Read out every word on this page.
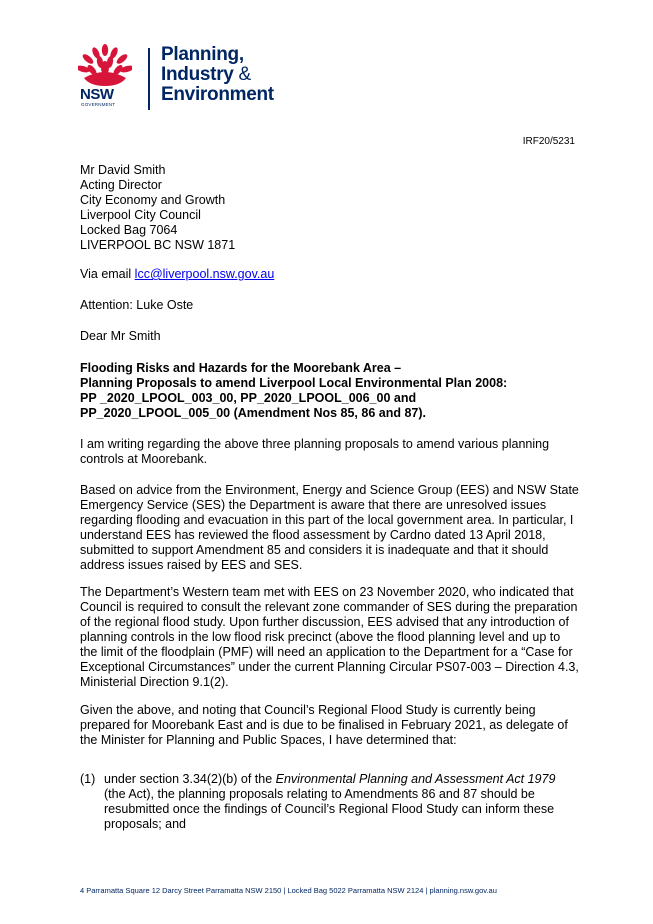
NSW
GOVERNMENT
Planning,
Industry &
Environment
IRF20/5231
Mr David Smith
Acting Director
City Economy and Growth
Liverpool City Council
Locked Bag 7064
LIVERPOOL BC NSW 1871
Via email lcc@liverpool.nsw.gov.au
Attention: Luke Oste
Dear Mr Smith
Flooding Risks and Hazards for the Moorebank Area –
Planning Proposals to amend Liverpool Local Environmental Plan 2008:
PP _2020_LPOOL_003_00, PP_2020_LPOOL_006_00 and
PP_2020_LPOOL_005_00 (Amendment Nos 85, 86 and 87).
I am writing regarding the above three planning proposals to amend various planning controls at Moorebank.
Based on advice from the Environment, Energy and Science Group (EES) and NSW State Emergency Service (SES) the Department is aware that there are unresolved issues regarding flooding and evacuation in this part of the local government area. In particular, I understand EES has reviewed the flood assessment by Cardno dated 13 April 2018, submitted to support Amendment 85 and considers it is inadequate and that it should address issues raised by EES and SES.
The Department’s Western team met with EES on 23 November 2020, who indicated that Council is required to consult the relevant zone commander of SES during the preparation of the regional flood study. Upon further discussion, EES advised that any introduction of planning controls in the low flood risk precinct (above the flood planning level and up to the limit of the floodplain (PMF) will need an application to the Department for a “Case for Exceptional Circumstances” under the current Planning Circular PS07-003 – Direction 4.3, Ministerial Direction 9.1(2).
Given the above, and noting that Council’s Regional Flood Study is currently being prepared for Moorebank East and is due to be finalised in February 2021, as delegate of the Minister for Planning and Public Spaces, I have determined that:
(1) under section 3.34(2)(b) of the Environmental Planning and Assessment Act 1979 (the Act), the planning proposals relating to Amendments 86 and 87 should be resubmitted once the findings of Council’s Regional Flood Study can inform these proposals; and
4 Parramatta Square 12 Darcy Street Parramatta NSW 2150 | Locked Bag 5022 Parramatta NSW 2124 | planning.nsw.gov.au
